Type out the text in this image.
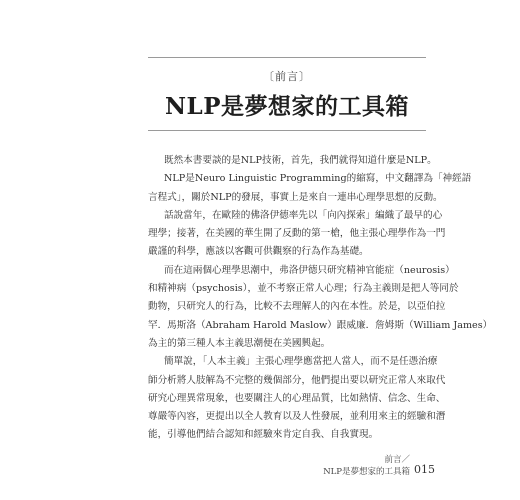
〔前言〕
NLP是夢想家的工具箱
既然本書要談的是NLP技術，首先，我們就得知道什麼是NLP。
NLP是Neuro Linguistic Programming的縮寫，中文翻譯為「神經語
言程式」，關於NLP的發展，事實上是來自一連串心理學思想的反動。
話說當年，在歐陸的佛洛伊德率先以「向內探索」編織了最早的心
理學；接著，在美國的華生開了反動的第一槍，他主張心理學作為一門
嚴謹的科學，應該以客觀可供觀察的行為作為基礎。
而在這兩個心理學思潮中，弗洛伊德只研究精神官能症（neurosis）
和精神病（psychosis），並不考察正常人心理；行為主義則是把人等同於
動物，只研究人的行為，比較不去理解人的內在本性。於是，以亞伯拉
罕．馬斯洛（Abraham Harold Maslow）跟威廉．詹姆斯（William James）
為主的第三種人本主義思潮便在美國興起。
簡單說，「人本主義」主張心理學應當把人當人，而不是任憑治療
師分析將人肢解為不完整的幾個部分，他們提出要以研究正常人來取代
研究心理異常現象，也要關注人的心理品質，比如熱情、信念、生命、
尊嚴等內容，更提出以全人教育以及人性發展，並利用來主的經驗和潛
能，引導他們結合認知和經驗來肯定自我、自我實現。
前言／
NLP是夢想家的工具箱 015
